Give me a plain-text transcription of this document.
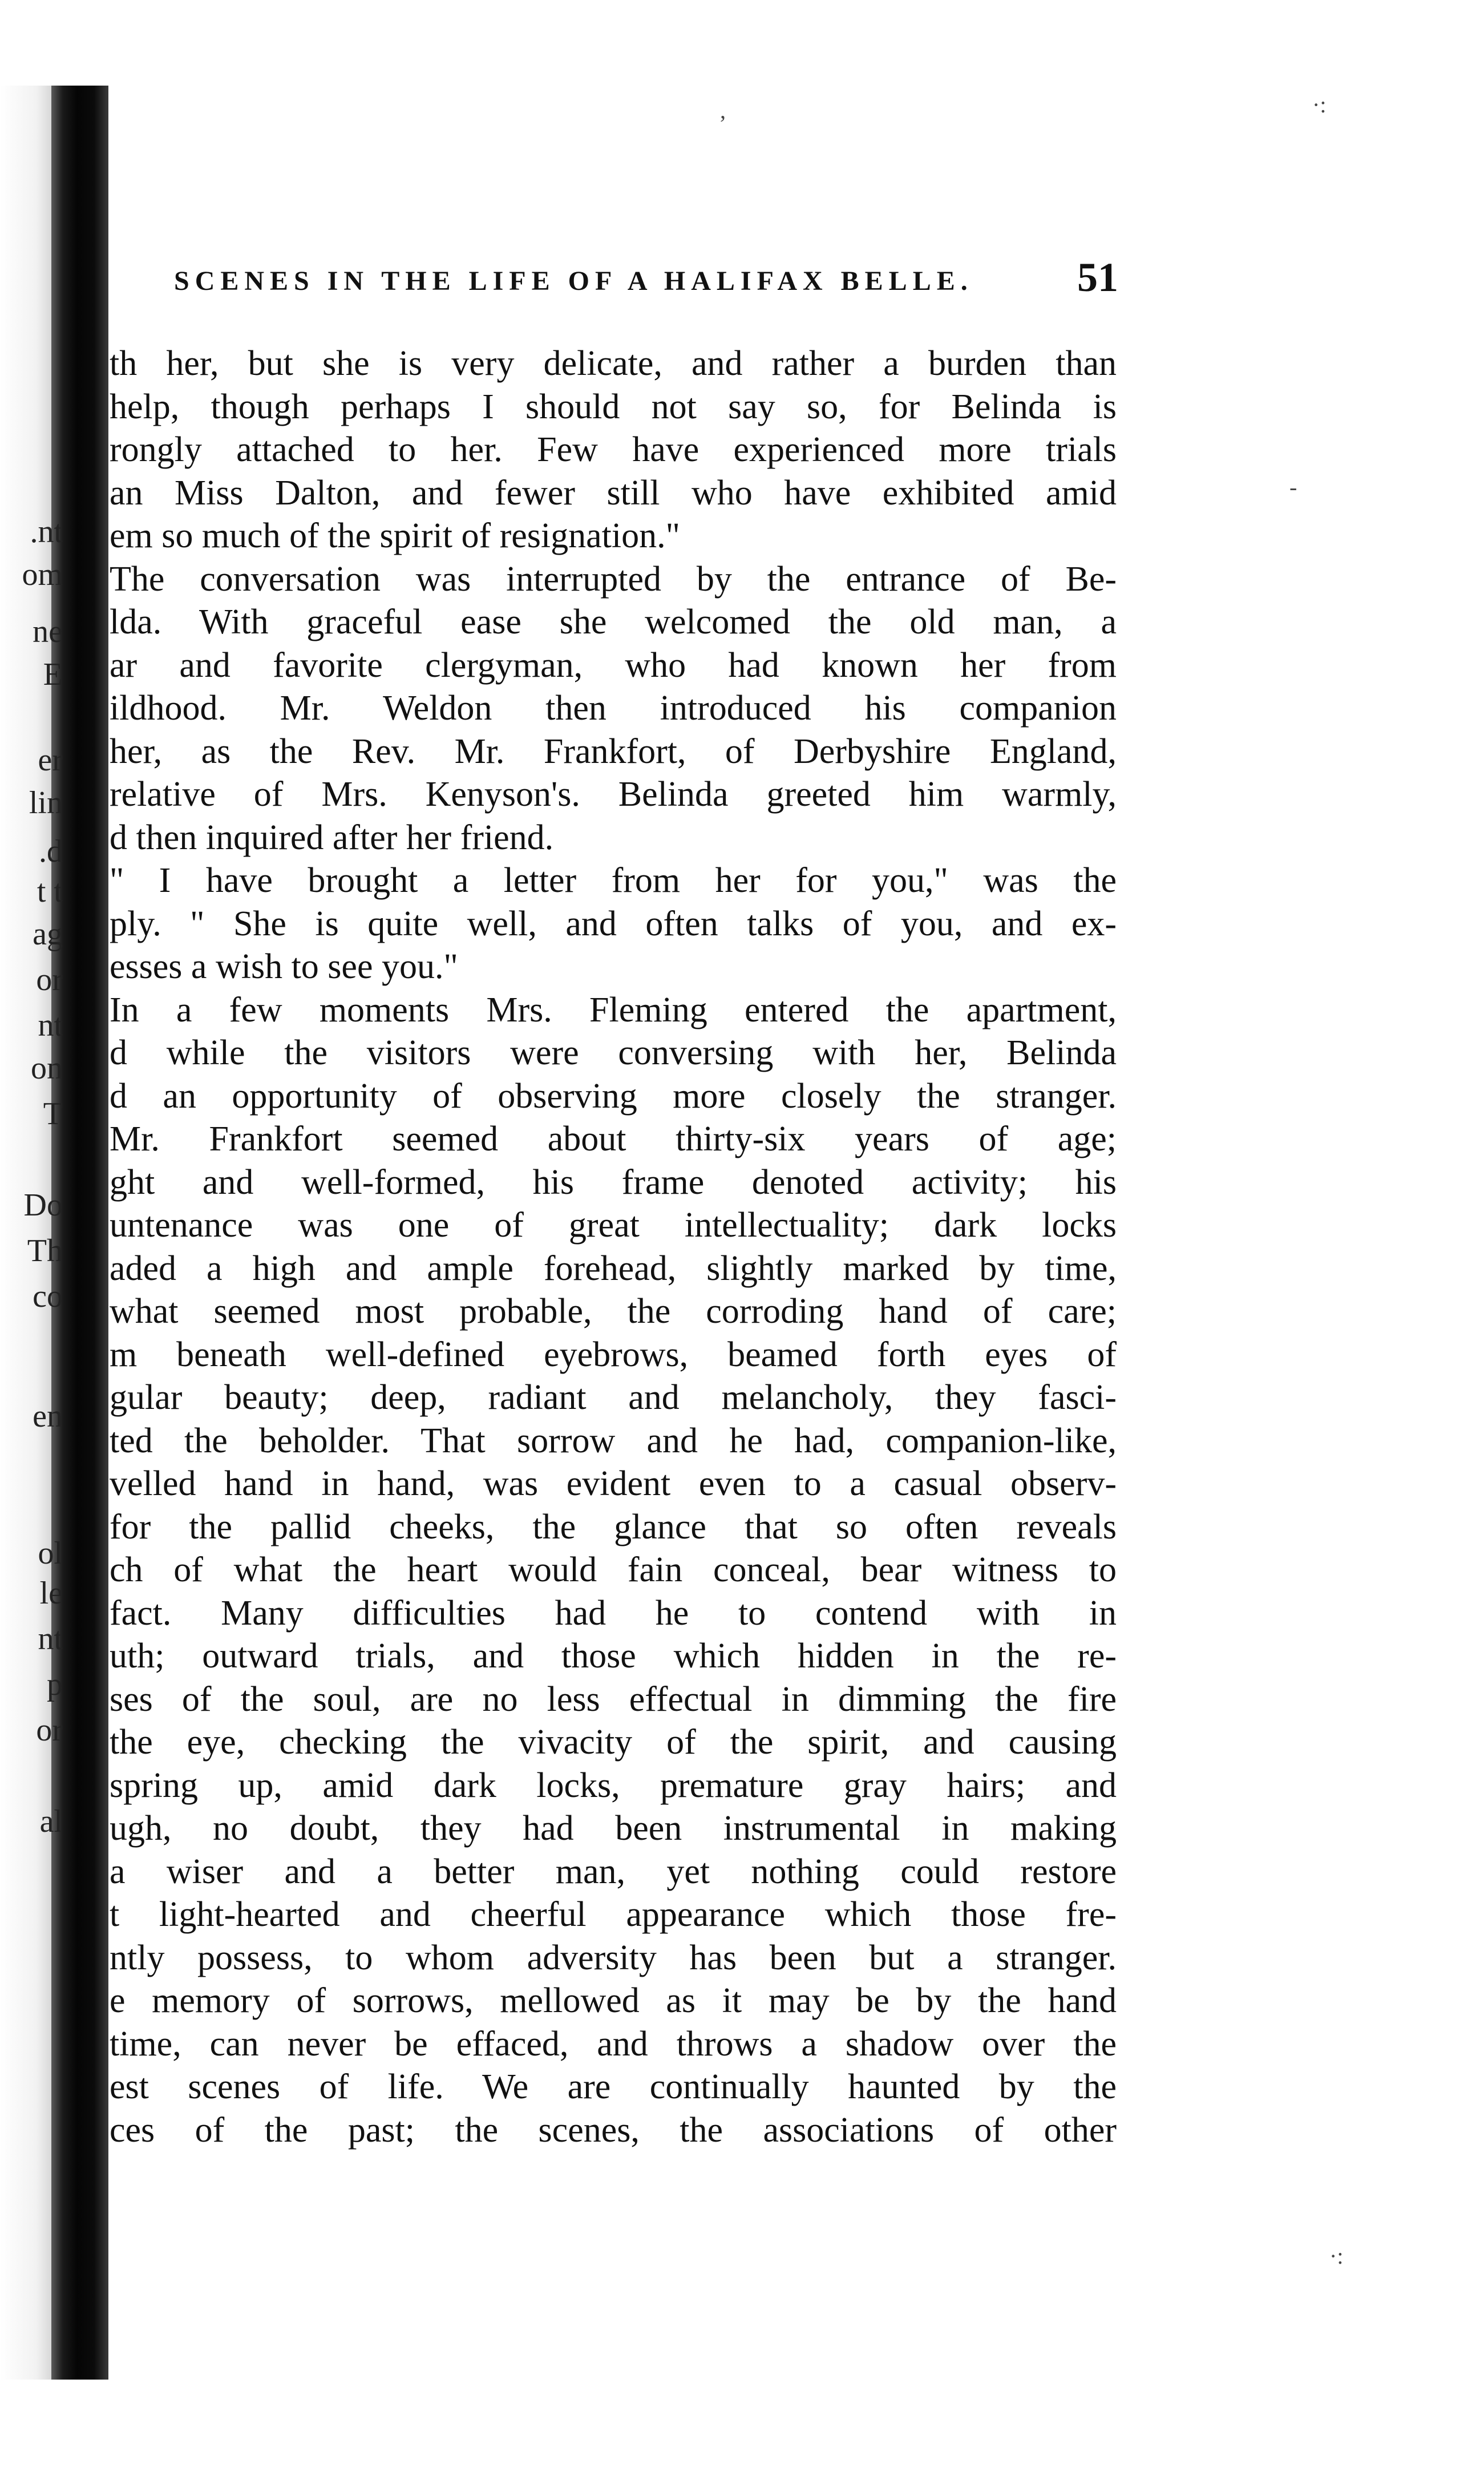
.nt
om
ne
E
er
lin
.d
t t
ag
or
nt
on
T
Do
Th
co
en
ol
le
nt
p
or
al
SCENES IN THE LIFE OF A HALIFAX BELLE.	51
th her, but she is very delicate, and rather a burden than
help, though perhaps I should not say so, for Belinda is
rongly attached to her. Few have experienced more trials
an Miss Dalton, and fewer still who have exhibited amid
em so much of the spirit of resignation."
The conversation was interrupted by the entrance of Be-
lda. With graceful ease she welcomed the old man, a
ar and favorite clergyman, who had known her from
ildhood. Mr. Weldon then introduced his companion
her, as the Rev. Mr. Frankfort, of Derbyshire England,
relative of Mrs. Kenyson's. Belinda greeted him warmly,
d then inquired after her friend.
" I have brought a letter from her for you," was the
ply. " She is quite well, and often talks of you, and ex-
esses a wish to see you."
In a few moments Mrs. Fleming entered the apartment,
d while the visitors were conversing with her, Belinda
d an opportunity of observing more closely the stranger.
Mr. Frankfort seemed about thirty-six years of age;
ght and well-formed, his frame denoted activity; his
untenance was one of great intellectuality; dark locks
aded a high and ample forehead, slightly marked by time,
what seemed most probable, the corroding hand of care;
m beneath well-defined eyebrows, beamed forth eyes of
gular beauty; deep, radiant and melancholy, they fasci-
ted the beholder. That sorrow and he had, companion-like,
velled hand in hand, was evident even to a casual observ-
for the pallid cheeks, the glance that so often reveals
ch of what the heart would fain conceal, bear witness to
fact. Many difficulties had he to contend with in
uth; outward trials, and those which hidden in the re-
ses of the soul, are no less effectual in dimming the fire
the eye, checking the vivacity of the spirit, and causing
spring up, amid dark locks, premature gray hairs; and
ugh, no doubt, they had been instrumental in making
a wiser and a better man, yet nothing could restore
t light-hearted and cheerful appearance which those fre-
ntly possess, to whom adversity has been but a stranger.
e memory of sorrows, mellowed as it may be by the hand
time, can never be effaced, and throws a shadow over the
est scenes of life. We are continually haunted by the
ces of the past; the scenes, the associations of other
,	·:
-
·:
